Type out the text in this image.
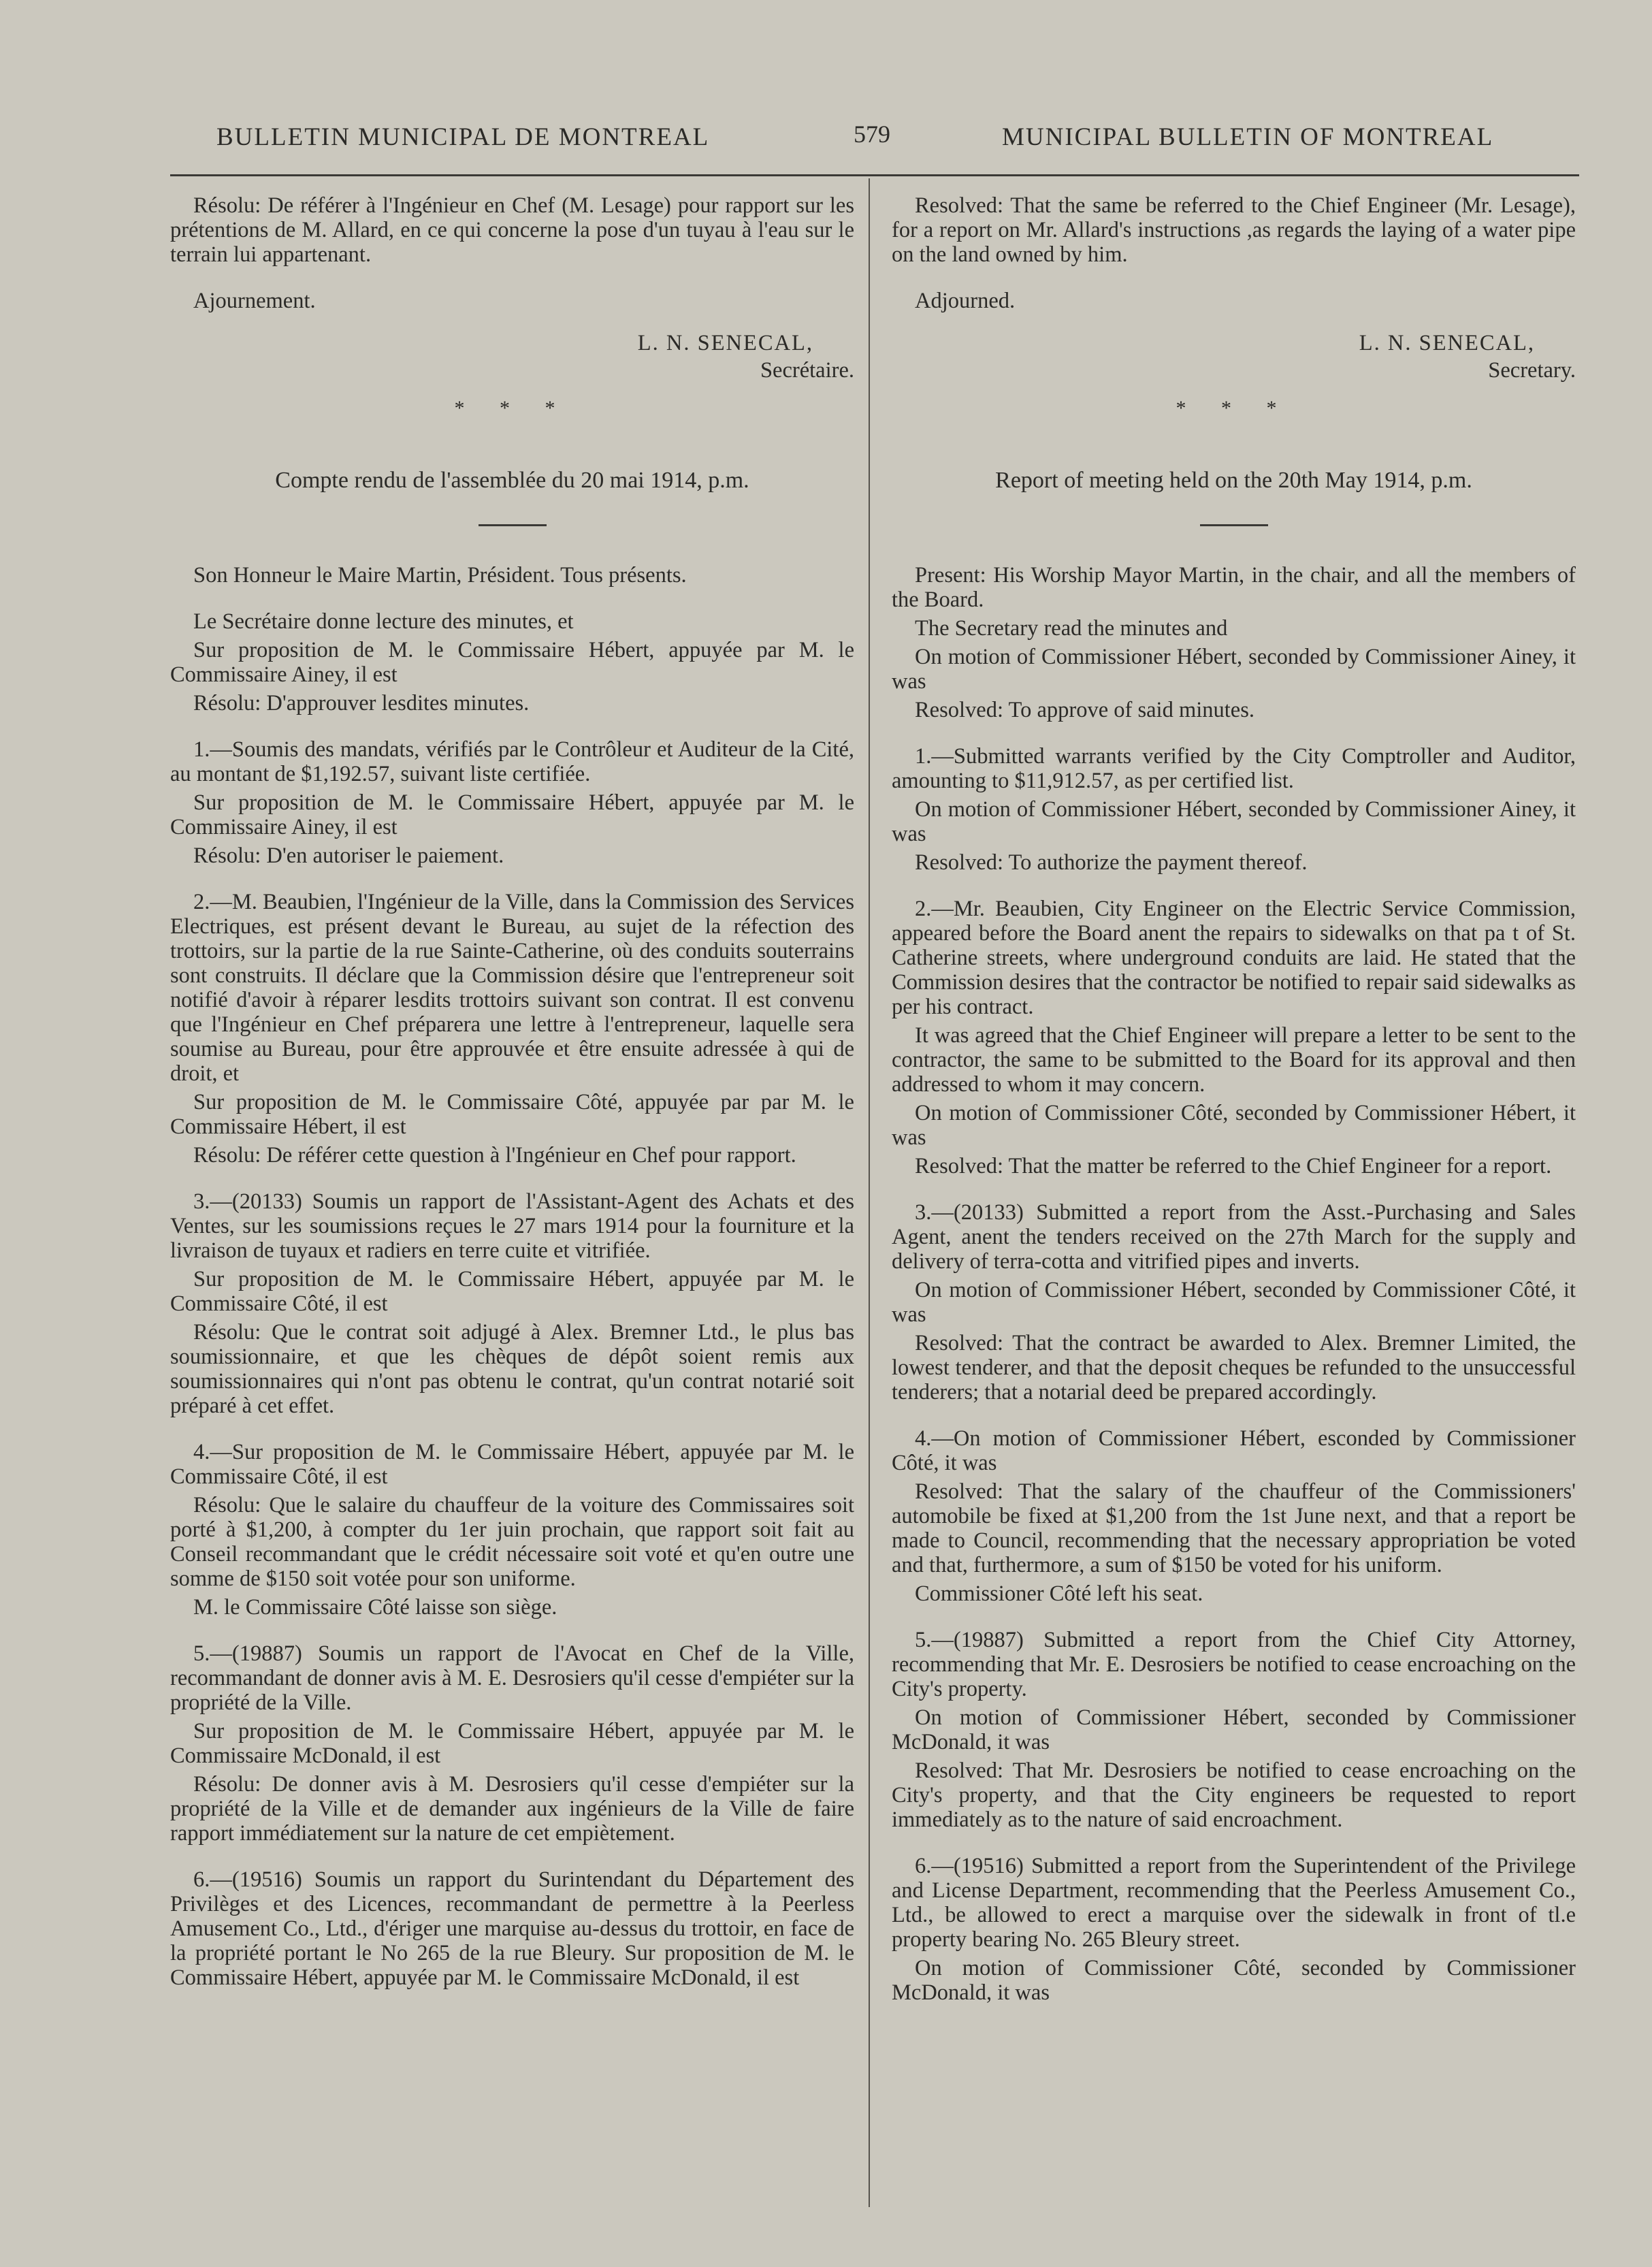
BULLETIN MUNICIPAL DE MONTREAL	579	MUNICIPAL BULLETIN OF MONTREAL

Résolu: De référer à l'Ingénieur en Chef (M. Lesage) pour rapport sur les prétentions de M. Allard, en ce qui concerne la pose d'un tuyau à l'eau sur le terrain lui appartenant.

Ajournement.

L. N. SENECAL,
Secrétaire.
* * *
Compte rendu de l'assemblée du 20 mai 1914, p.m.

Son Honneur le Maire Martin, Président. Tous présents.

Le Secrétaire donne lecture des minutes, et

Sur proposition de M. le Commissaire Hébert, appuyée par M. le Commissaire Ainey, il est

Résolu: D'approuver lesdites minutes.

1.—Soumis des mandats, vérifiés par le Contrôleur et Auditeur de la Cité, au montant de $1,192.57, suivant liste certifiée.

Sur proposition de M. le Commissaire Hébert, appuyée par M. le Commissaire Ainey, il est

Résolu: D'en autoriser le paiement.

2.—M. Beaubien, l'Ingénieur de la Ville, dans la Commission des Services Electriques, est présent devant le Bureau, au sujet de la réfection des trottoirs, sur la partie de la rue Sainte-Catherine, où des conduits souterrains sont construits. Il déclare que la Commission désire que l'entrepreneur soit notifié d'avoir à réparer lesdits trottoirs suivant son contrat. Il est convenu que l'Ingénieur en Chef préparera une lettre à l'entrepreneur, laquelle sera soumise au Bureau, pour être approuvée et être ensuite adressée à qui de droit, et

Sur proposition de M. le Commissaire Côté, appuyée par par M. le Commissaire Hébert, il est

Résolu: De référer cette question à l'Ingénieur en Chef pour rapport.

3.—(20133) Soumis un rapport de l'Assistant-Agent des Achats et des Ventes, sur les soumissions reçues le 27 mars 1914 pour la fourniture et la livraison de tuyaux et radiers en terre cuite et vitrifiée.

Sur proposition de M. le Commissaire Hébert, appuyée par M. le Commissaire Côté, il est

Résolu: Que le contrat soit adjugé à Alex. Bremner Ltd., le plus bas soumissionnaire, et que les chèques de dépôt soient remis aux soumissionnaires qui n'ont pas obtenu le contrat, qu'un contrat notarié soit préparé à cet effet.

4.—Sur proposition de M. le Commissaire Hébert, appuyée par M. le Commissaire Côté, il est

Résolu: Que le salaire du chauffeur de la voiture des Commissaires soit porté à $1,200, à compter du 1er juin prochain, que rapport soit fait au Conseil recommandant que le crédit nécessaire soit voté et qu'en outre une somme de $150 soit votée pour son uniforme.

M. le Commissaire Côté laisse son siège.

5.—(19887) Soumis un rapport de l'Avocat en Chef de la Ville, recommandant de donner avis à M. E. Desrosiers qu'il cesse d'empiéter sur la propriété de la Ville.

Sur proposition de M. le Commissaire Hébert, appuyée par M. le Commissaire McDonald, il est

Résolu: De donner avis à M. Desrosiers qu'il cesse d'empiéter sur la propriété de la Ville et de demander aux ingénieurs de la Ville de faire rapport immédiatement sur la nature de cet empiètement.

6.—(19516) Soumis un rapport du Surintendant du Département des Privilèges et des Licences, recommandant de permettre à la Peerless Amusement Co., Ltd., d'ériger une marquise au-dessus du trottoir, en face de la propriété portant le No 265 de la rue Bleury. Sur proposition de M. le Commissaire Hébert, appuyée par M. le Commissaire McDonald, il est

Resolved: That the same be referred to the Chief Engineer (Mr. Lesage), for a report on Mr. Allard's instructions ,as regards the laying of a water pipe on the land owned by him.

Adjourned.

L. N. SENECAL,
Secretary.
* * *
Report of meeting held on the 20th May 1914, p.m.

Present: His Worship Mayor Martin, in the chair, and all the members of the Board.

The Secretary read the minutes and

On motion of Commissioner Hébert, seconded by Commissioner Ainey, it was

Resolved: To approve of said minutes.

1.—Submitted warrants verified by the City Comptroller and Auditor, amounting to $11,912.57, as per certified list.

On motion of Commissioner Hébert, seconded by Commissioner Ainey, it was

Resolved: To authorize the payment thereof.

2.—Mr. Beaubien, City Engineer on the Electric Service Commission, appeared before the Board anent the repairs to sidewalks on that pa t of St. Catherine streets, where underground conduits are laid. He stated that the Commission desires that the contractor be notified to repair said sidewalks as per his contract.

It was agreed that the Chief Engineer will prepare a letter to be sent to the contractor, the same to be submitted to the Board for its approval and then addressed to whom it may concern.

On motion of Commissioner Côté, seconded by Commissioner Hébert, it was

Resolved: That the matter be referred to the Chief Engineer for a report.

3.—(20133) Submitted a report from the Asst.-Purchasing and Sales Agent, anent the tenders received on the 27th March for the supply and delivery of terra-cotta and vitrified pipes and inverts.

On motion of Commissioner Hébert, seconded by Commissioner Côté, it was

Resolved: That the contract be awarded to Alex. Bremner Limited, the lowest tenderer, and that the deposit cheques be refunded to the unsuccessful tenderers; that a notarial deed be prepared accordingly.

4.—On motion of Commissioner Hébert, esconded by Commissioner Côté, it was

Resolved: That the salary of the chauffeur of the Commissioners' automobile be fixed at $1,200 from the 1st June next, and that a report be made to Council, recommending that the necessary appropriation be voted and that, furthermore, a sum of $150 be voted for his uniform.

Commissioner Côté left his seat.

5.—(19887) Submitted a report from the Chief City Attorney, recommending that Mr. E. Desrosiers be notified to cease encroaching on the City's property.

On motion of Commissioner Hébert, seconded by Commissioner McDonald, it was

Resolved: That Mr. Desrosiers be notified to cease encroaching on the City's property, and that the City engineers be requested to report immediately as to the nature of said encroachment.

6.—(19516) Submitted a report from the Superintendent of the Privilege and License Department, recommending that the Peerless Amusement Co., Ltd., be allowed to erect a marquise over the sidewalk in front of tl.e property bearing No. 265 Bleury street.

On motion of Commissioner Côté, seconded by Commissioner McDonald, it was
